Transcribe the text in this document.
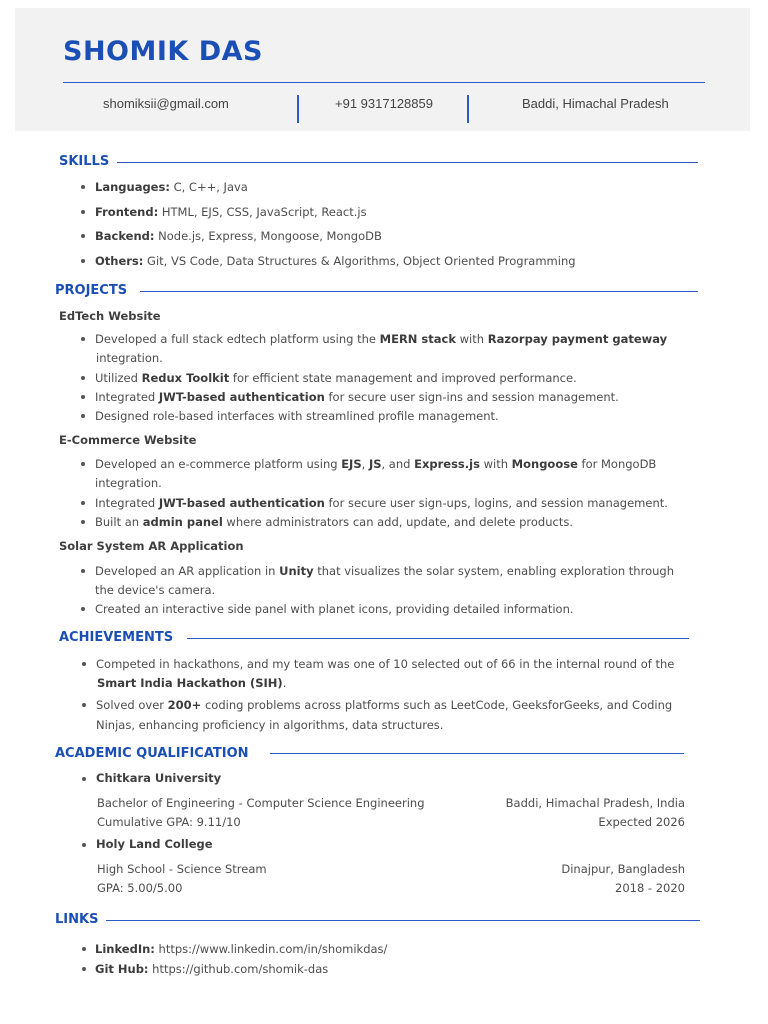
SHOMIK DAS
shomiksii@gmail.com	+91 9317128859	Baddi, Himachal Pradesh
SKILLS
Languages: C, C++, Java
Frontend: HTML, EJS, CSS, JavaScript, React.js
Backend: Node.js, Express, Mongoose, MongoDB
Others: Git, VS Code, Data Structures & Algorithms, Object Oriented Programming
PROJECTS
EdTech Website
Developed a full stack edtech platform using the MERN stack with Razorpay payment gateway
integration.
Utilized Redux Toolkit for efficient state management and improved performance.
Integrated JWT-based authentication for secure user sign-ins and session management.
Designed role-based interfaces with streamlined profile management.
E-Commerce Website
Developed an e-commerce platform using EJS, JS, and Express.js with Mongoose for MongoDB
integration.
Integrated JWT-based authentication for secure user sign-ups, logins, and session management.
Built an admin panel where administrators can add, update, and delete products.
Solar System AR Application
Developed an AR application in Unity that visualizes the solar system, enabling exploration through
the device's camera.
Created an interactive side panel with planet icons, providing detailed information.
ACHIEVEMENTS
Competed in hackathons, and my team was one of 10 selected out of 66 in the internal round of the
Smart India Hackathon (SIH).
Solved over 200+ coding problems across platforms such as LeetCode, GeeksforGeeks, and Coding
Ninjas, enhancing proficiency in algorithms, data structures.
ACADEMIC QUALIFICATION
Chitkara University
Bachelor of Engineering - Computer Science Engineering	Baddi, Himachal Pradesh, India
Cumulative GPA: 9.11/10	Expected 2026
Holy Land College
High School - Science Stream	Dinajpur, Bangladesh
GPA: 5.00/5.00	2018 - 2020
LINKS
LinkedIn: https://www.linkedin.com/in/shomikdas/
Git Hub: https://github.com/shomik-das
